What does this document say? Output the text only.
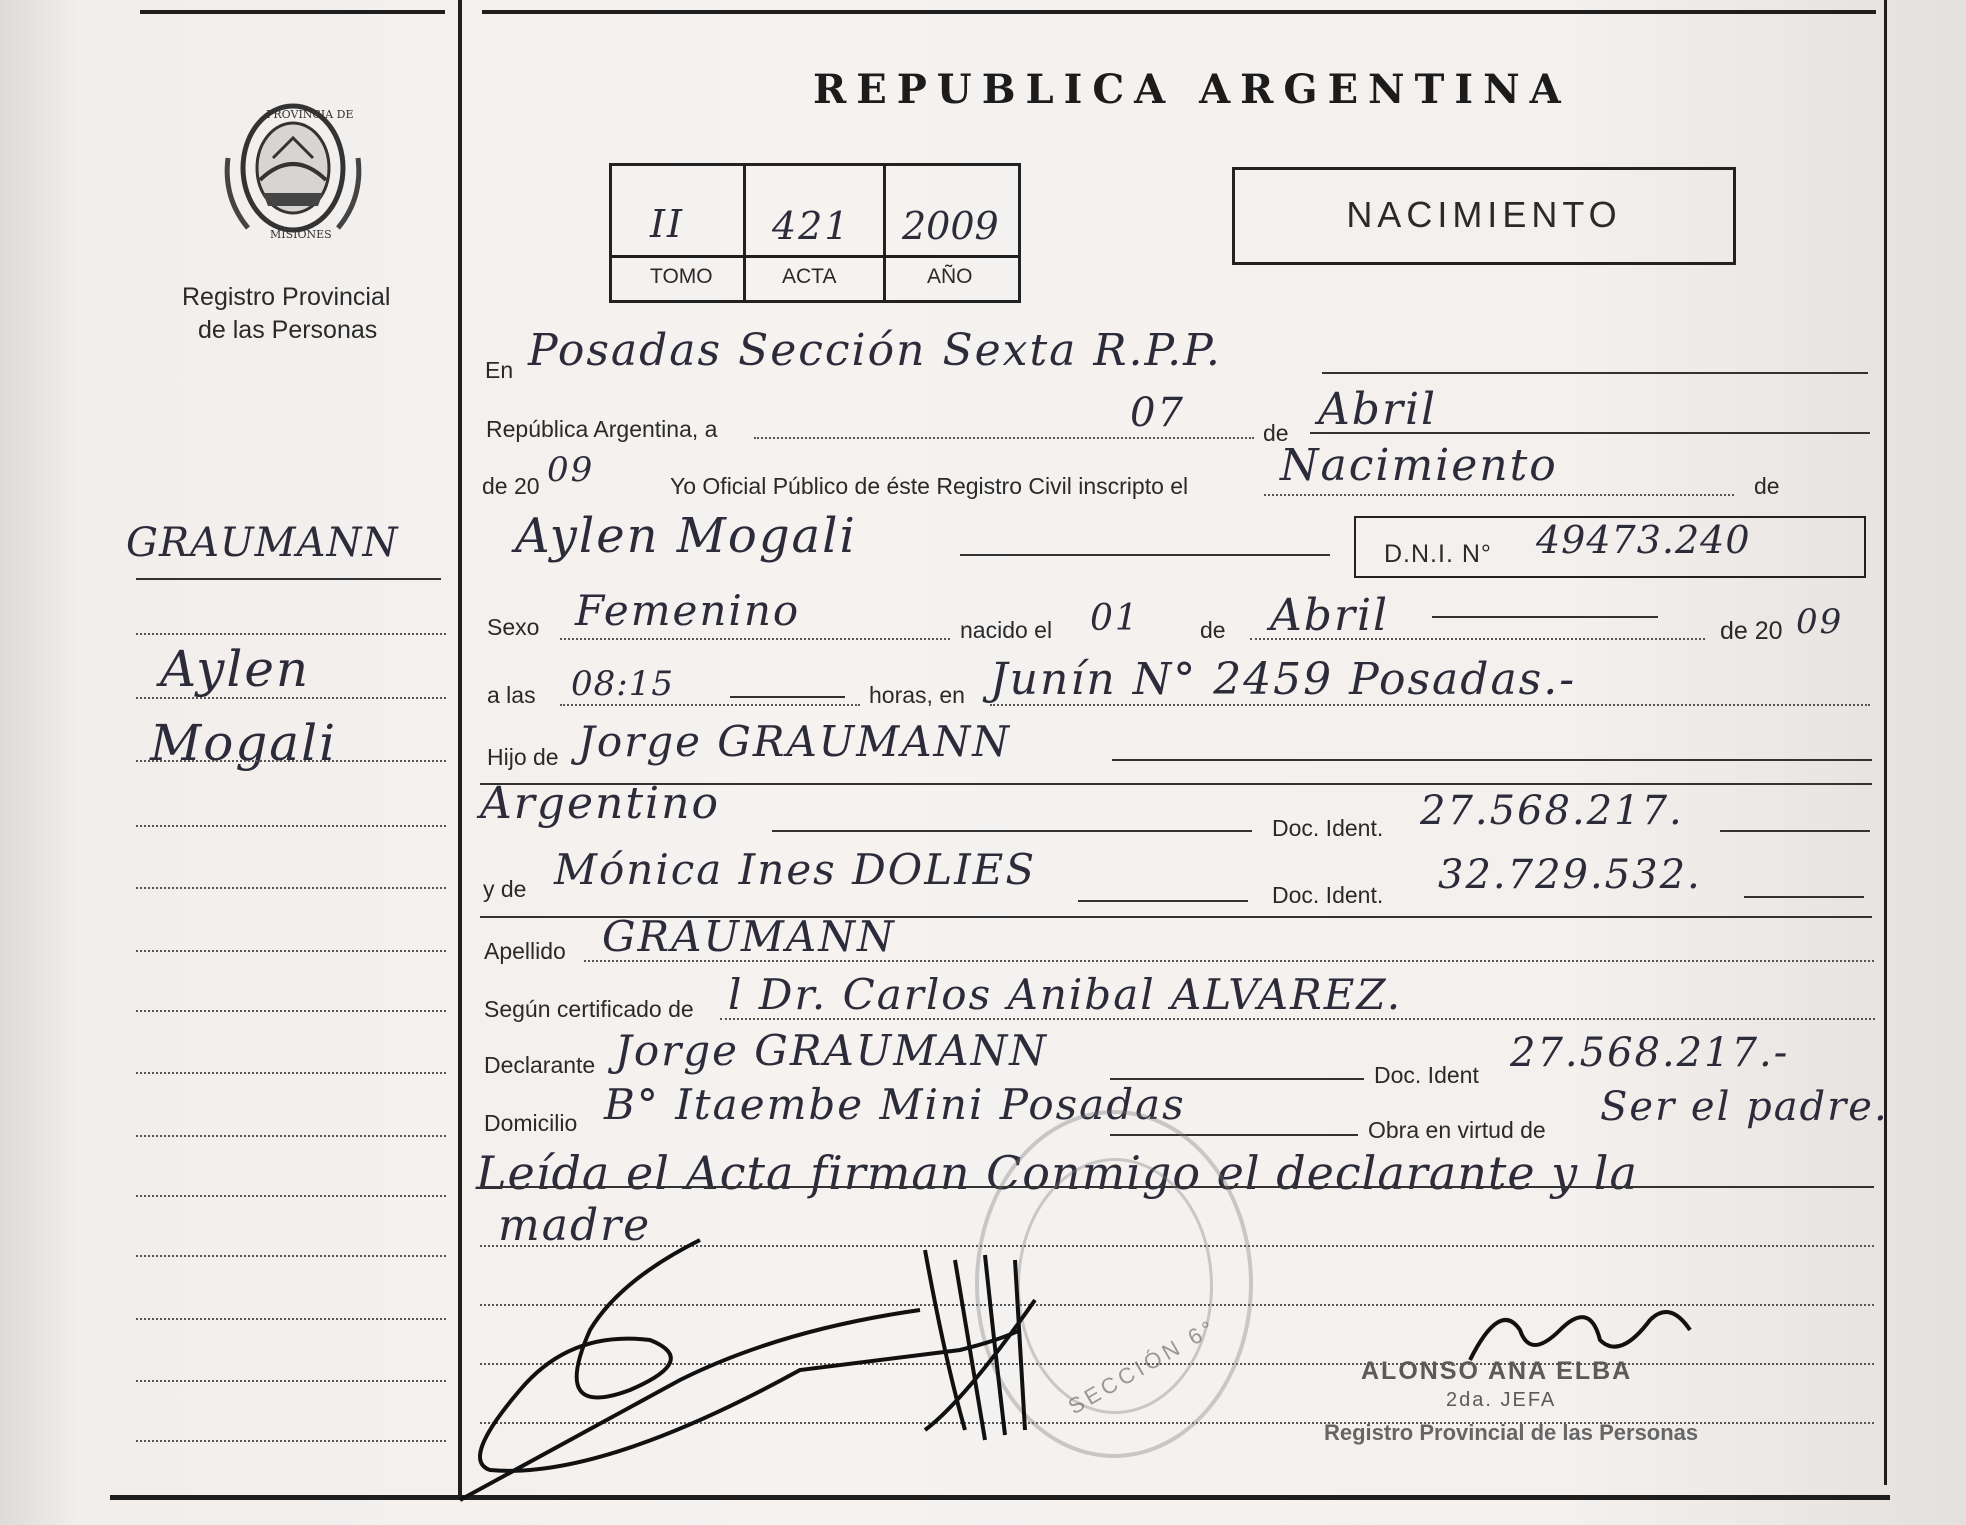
PROVINCIA DE
MISIONES
Registro Provincial
de las Personas
GRAUMANN
Aylen
Mogali
REPUBLICA ARGENTINA
II 421 2009
TOMO	ACTA	AÑO
NACIMIENTO
En Posadas Sección Sexta R.P.P.
República Argentina, a	07	de Abril
de 20 09	Yo Oficial Público de éste Registro Civil inscripto el Nacimiento	de
Aylen Mogali	D.N.I. N° 49473.240
Sexo Femenino	nacido el 01	de Abril	de 20 09
a las 08:15	horas, en Junín N° 2459 Posadas.-
Hijo de Jorge GRAUMANN
Argentino	Doc. Ident. 27.568.217.
y de Mónica Ines DOLIES
Doc. Ident. 32.729.532.
Apellido GRAUMANN
Según certificado de l Dr. Carlos Anibal ALVAREZ.
Declarante Jorge GRAUMANN	Doc. Ident 27.568.217.-
Domicilio B° Itaembe Mini Posadas
Obra en virtud de Ser el padre.
Leída el Acta firman Conmigo el declarante y la
madre
SECCIÓN 6°	ALONSO ANA ELBA
2da. JEFA
Registro Provincial de las Personas
